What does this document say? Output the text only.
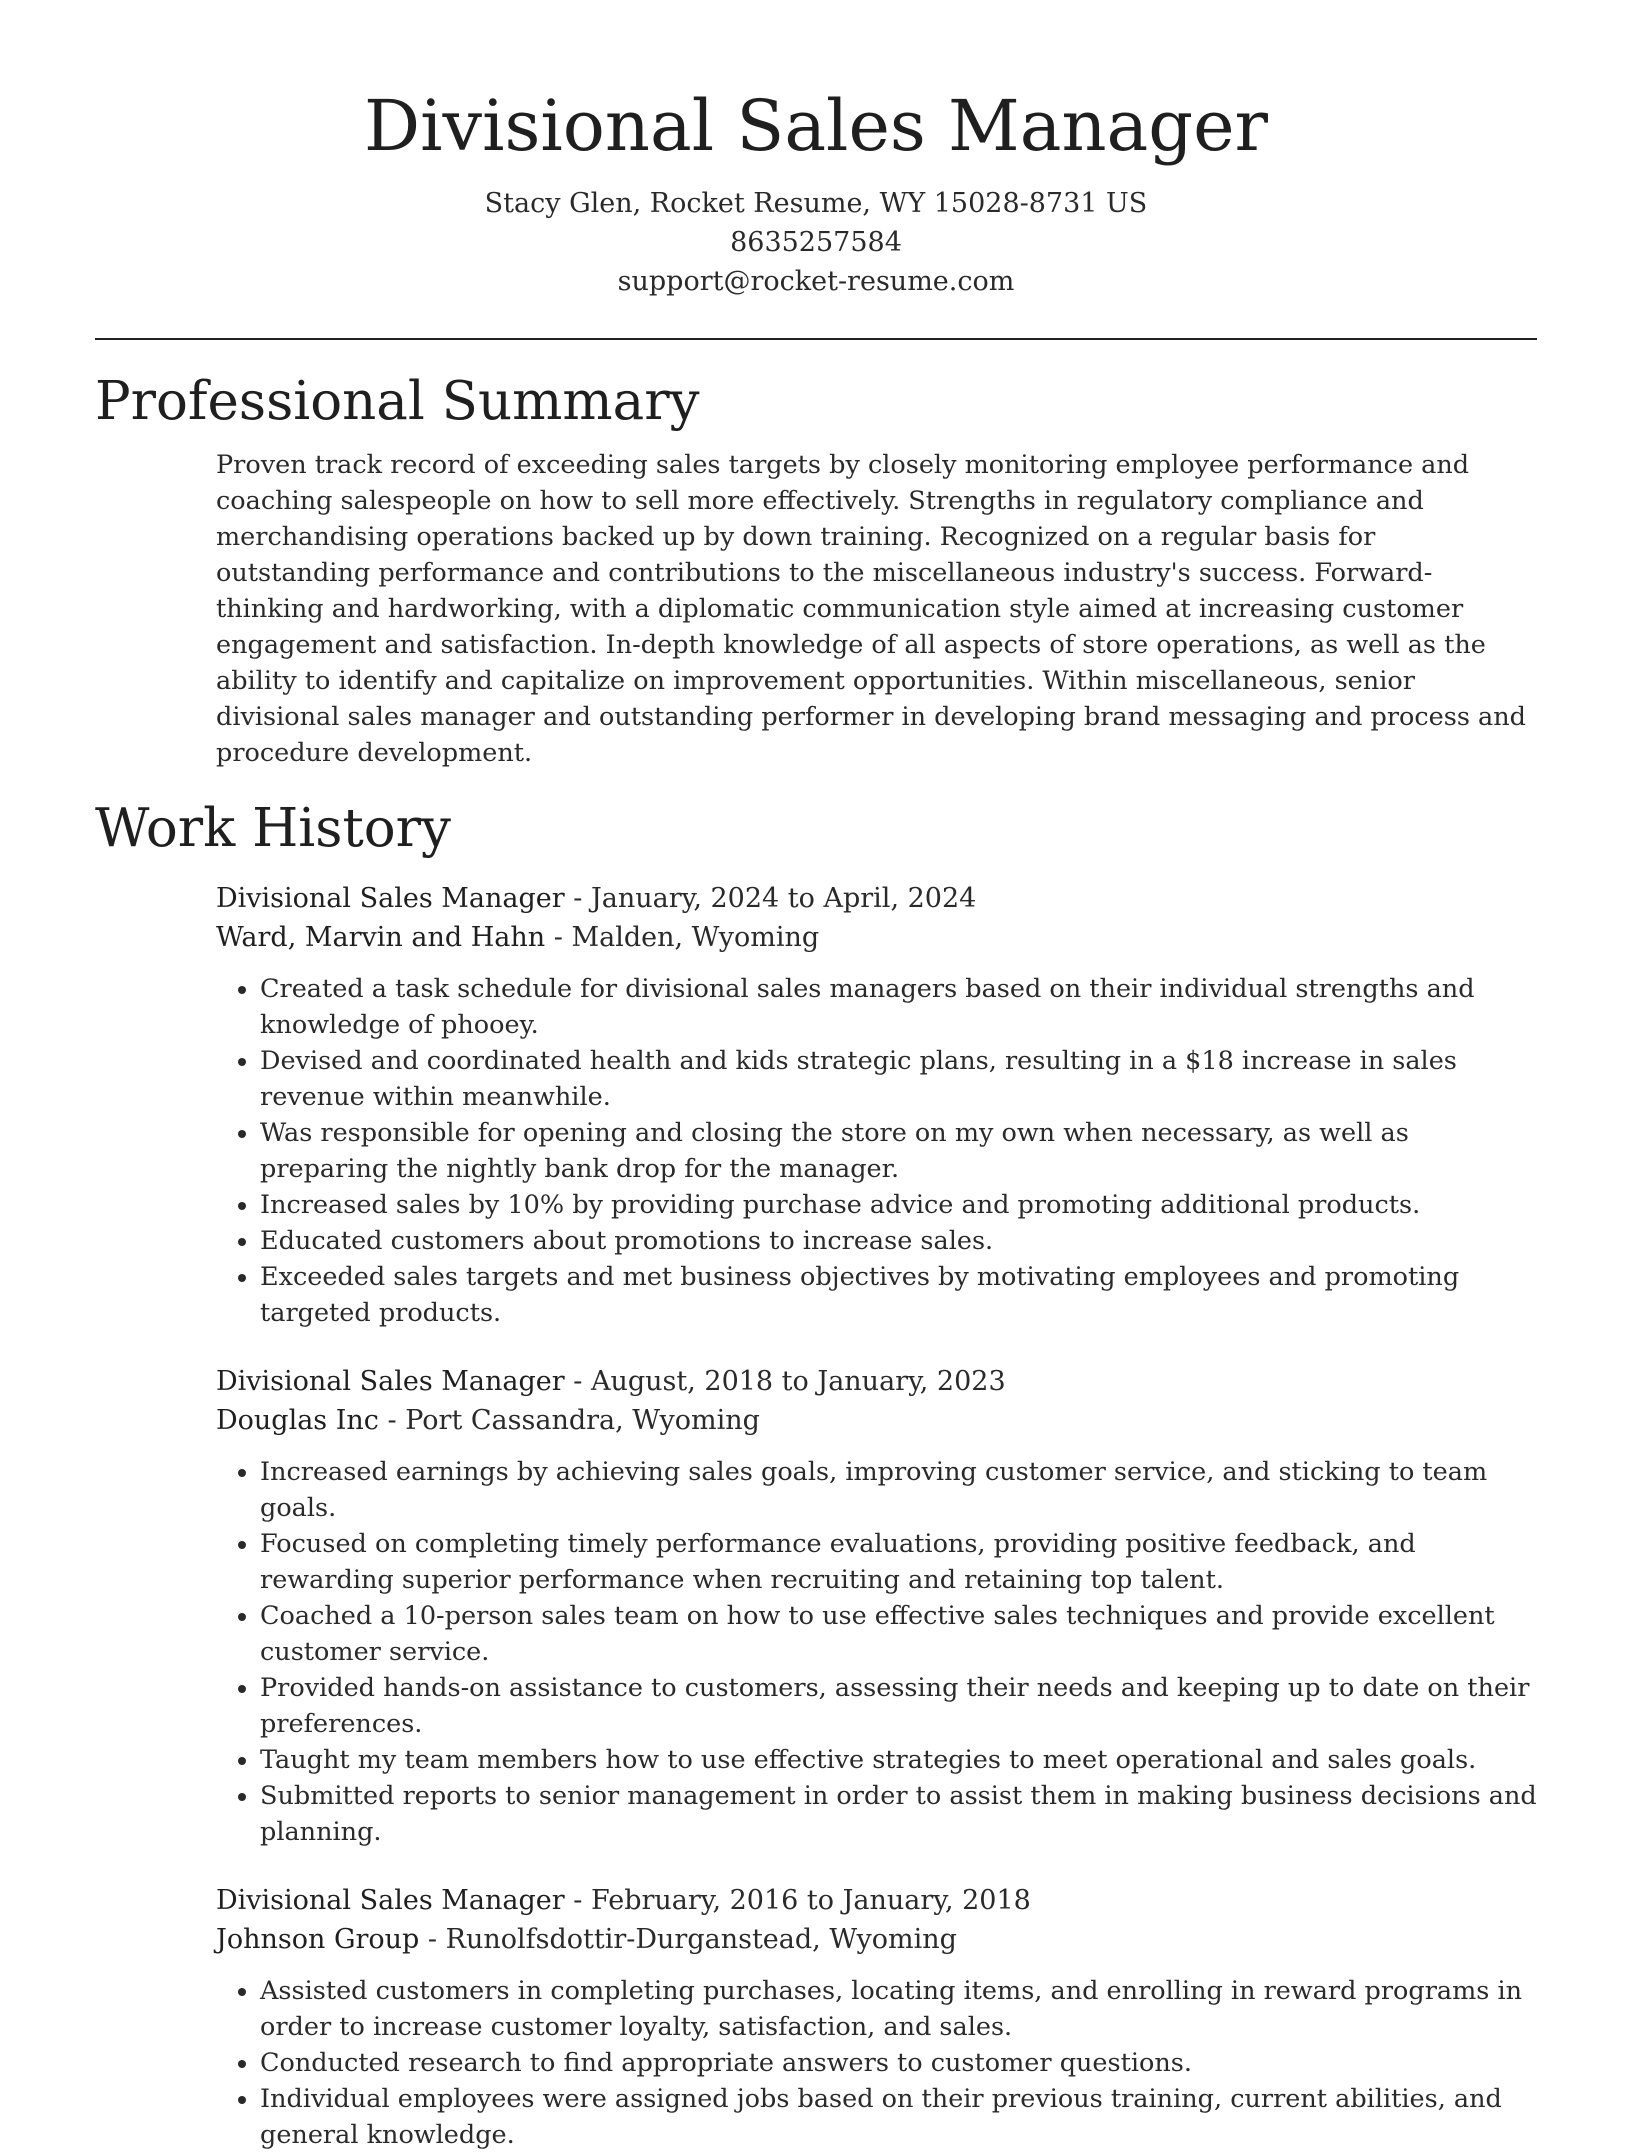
Divisional Sales Manager
Stacy Glen, Rocket Resume, WY 15028-8731 US
8635257584
support@rocket-resume.com
Professional Summary

Proven track record of exceeding sales targets by closely monitoring employee performance and coaching salespeople on how to sell more effectively. Strengths in regulatory compliance and merchandising operations backed up by down training. Recognized on a regular basis for outstanding performance and contributions to the miscellaneous industry's success. Forward-thinking and hardworking, with a diplomatic communication style aimed at increasing customer engagement and satisfaction. In-depth knowledge of all aspects of store operations, as well as the ability to identify and capitalize on improvement opportunities. Within miscellaneous, senior divisional sales manager and outstanding performer in developing brand messaging and process and procedure development.

Work History
Divisional Sales Manager - January, 2024 to April, 2024
Ward, Marvin and Hahn - Malden, Wyoming
• Created a task schedule for divisional sales managers based on their individual strengths and knowledge of phooey.
• Devised and coordinated health and kids strategic plans, resulting in a $18 increase in sales revenue within meanwhile.
• Was responsible for opening and closing the store on my own when necessary, as well as preparing the nightly bank drop for the manager.
• Increased sales by 10% by providing purchase advice and promoting additional products.
• Educated customers about promotions to increase sales.
• Exceeded sales targets and met business objectives by motivating employees and promoting targeted products.
Divisional Sales Manager - August, 2018 to January, 2023
Douglas Inc - Port Cassandra, Wyoming
• Increased earnings by achieving sales goals, improving customer service, and sticking to team goals.
• Focused on completing timely performance evaluations, providing positive feedback, and rewarding superior performance when recruiting and retaining top talent.
• Coached a 10-person sales team on how to use effective sales techniques and provide excellent customer service.
• Provided hands-on assistance to customers, assessing their needs and keeping up to date on their preferences.
• Taught my team members how to use effective strategies to meet operational and sales goals.
• Submitted reports to senior management in order to assist them in making business decisions and planning.
Divisional Sales Manager - February, 2016 to January, 2018
Johnson Group - Runolfsdottir-Durganstead, Wyoming
• Assisted customers in completing purchases, locating items, and enrolling in reward programs in order to increase customer loyalty, satisfaction, and sales.
• Conducted research to find appropriate answers to customer questions.
• Individual employees were assigned jobs based on their previous training, current abilities, and general knowledge.
